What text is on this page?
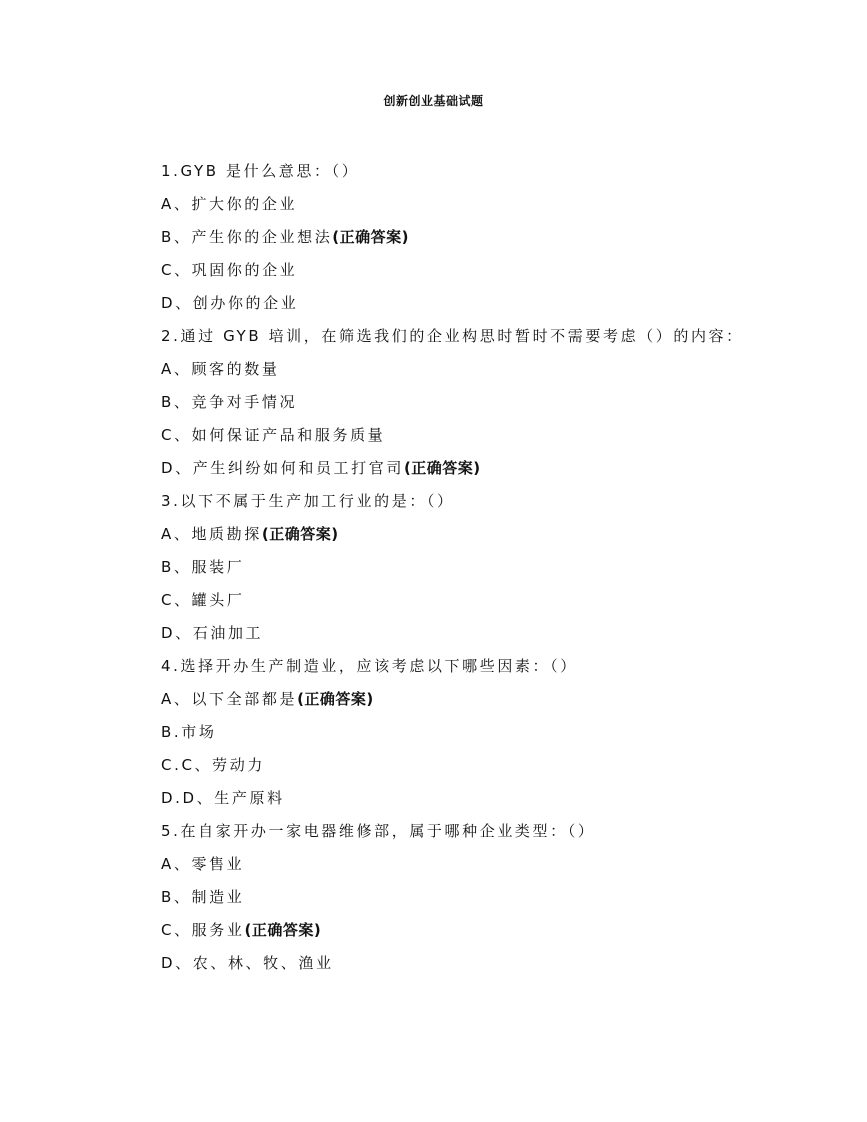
创新创业基础试题
1.GYB 是什么意思：（）
A、扩大你的企业
B、产生你的企业想法(正确答案)
C、巩固你的企业
D、创办你的企业
2.通过 GYB 培训，在筛选我们的企业构思时暂时不需要考虑（）的内容：
A、顾客的数量
B、竞争对手情况
C、如何保证产品和服务质量
D、产生纠纷如何和员工打官司(正确答案)
3.以下不属于生产加工行业的是：（）
A、地质勘探(正确答案)
B、服装厂
C、罐头厂
D、石油加工
4.选择开办生产制造业，应该考虑以下哪些因素：（）
A、以下全部都是(正确答案)
B.市场
C.C、劳动力
D.D、生产原料
5.在自家开办一家电器维修部，属于哪种企业类型：（）
A、零售业
B、制造业
C、服务业(正确答案)
D、农、林、牧、渔业
